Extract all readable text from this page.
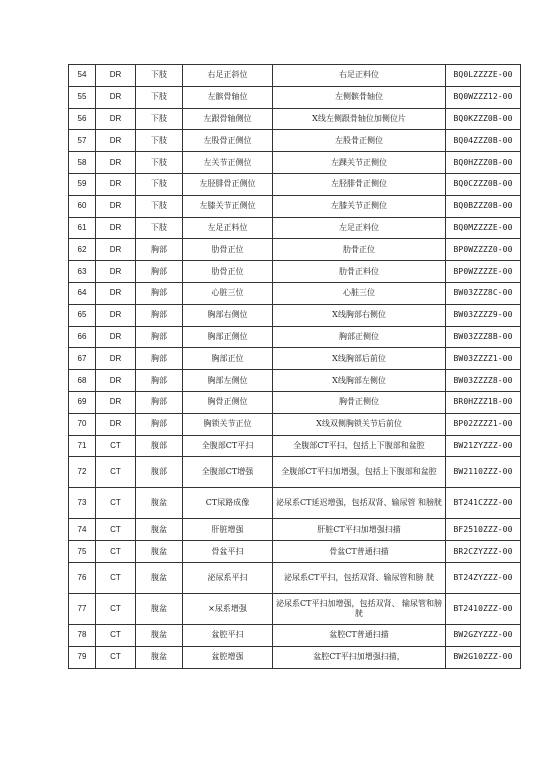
54	DR	下肢	右足正斜位	右足正料位	BQ0LZZZZE-00
55	DR	下肢	左髌骨轴位	左侧髌骨轴位	BQ0WZZZ12-00
56	DR	下肢	左跟骨轴侧位	X线左侧跟骨轴位加侧位片	BQ0KZZZ0B-00
57	DR	下肢	左股骨正侧位	左股骨正侧位	BQ04ZZZ0B-00
58	DR	下肢	左关节正侧位	左踝关节正侧位	BQ0HZZZ0B-00
59	DR	下肢	左胫腓骨正侧位	左胫腓骨正侧位	BQ0CZZZ0B-00
60	DR	下肢	左膝关节正侧位	左膝关节正侧位	BQ0BZZZ0B-00
61	DR	下肢	左足正料位	左足正料位	BQ0MZZZZE-00
62	DR	胸部	肋骨正位	肋骨正位	BP0WZZZZ0-00
63	DR	胸部	肋骨正位	肋骨正料位	BP0WZZZZE-00
64	DR	胸部	心脏三位	心脏三位	BW03ZZZ8C-00
65	DR	胸部	胸部右侧位	X线胸部右侧位	BW03ZZZZ9-00
66	DR	胸部	胸部正侧位	胸部正侧位	BW03ZZZ8B-00
67	DR	胸部	胸部正位	X线胸部后前位	BW03ZZZZ1-00
68	DR	胸部	胸部左侧位	X线胸部左侧位	BW03ZZZZ8-00
69	DR	胸部	胸骨正侧位	胸骨正侧位	BR0HZZZ1B-00
70	DR	胸部	胸锁关节正位	X线双侧胸锁关节后前位	BP02ZZZZ1-00
71	CT	腹部	全腹部CT平扫	全腹部CT平扫，包括上下腹部和盆腔	BW21ZYZZZ-00
72	CT	腹部	全腹部CT增强	全腹部CT平扫加增强，包括上下腹部和盆腔	BW2110ZZZ-00
73	CT	腹盆	CT尿路成像	泌尿系CT延迟增强，包括双肾、输尿管 和膀胱	BT241CZZZ-00
74	CT	腹盆	肝脏增强	肝脏CT平扫加增强扫描	BF2510ZZZ-00
75	CT	腹盆	骨盆平扫	骨盆CT普通扫描	BR2CZYZZZ-00
76	CT	腹盆	泌尿系平扫	泌尿系CT平扫，包括双肾、输尿管和膀 胱	BT24ZYZZZ-00
77	CT	腹盆	×尿系增强	泌尿系CT平扫加增强，包括双肾、 输尿管和膀胱	BT2410ZZZ-00
78	CT	腹盆	盆腔平扫	盆腔CT普通扫描	BW2GZYZZZ-00
79	CT	腹盆	盆腔增强	盆腔CT平扫加增强扫描，	BW2G10ZZZ-00
